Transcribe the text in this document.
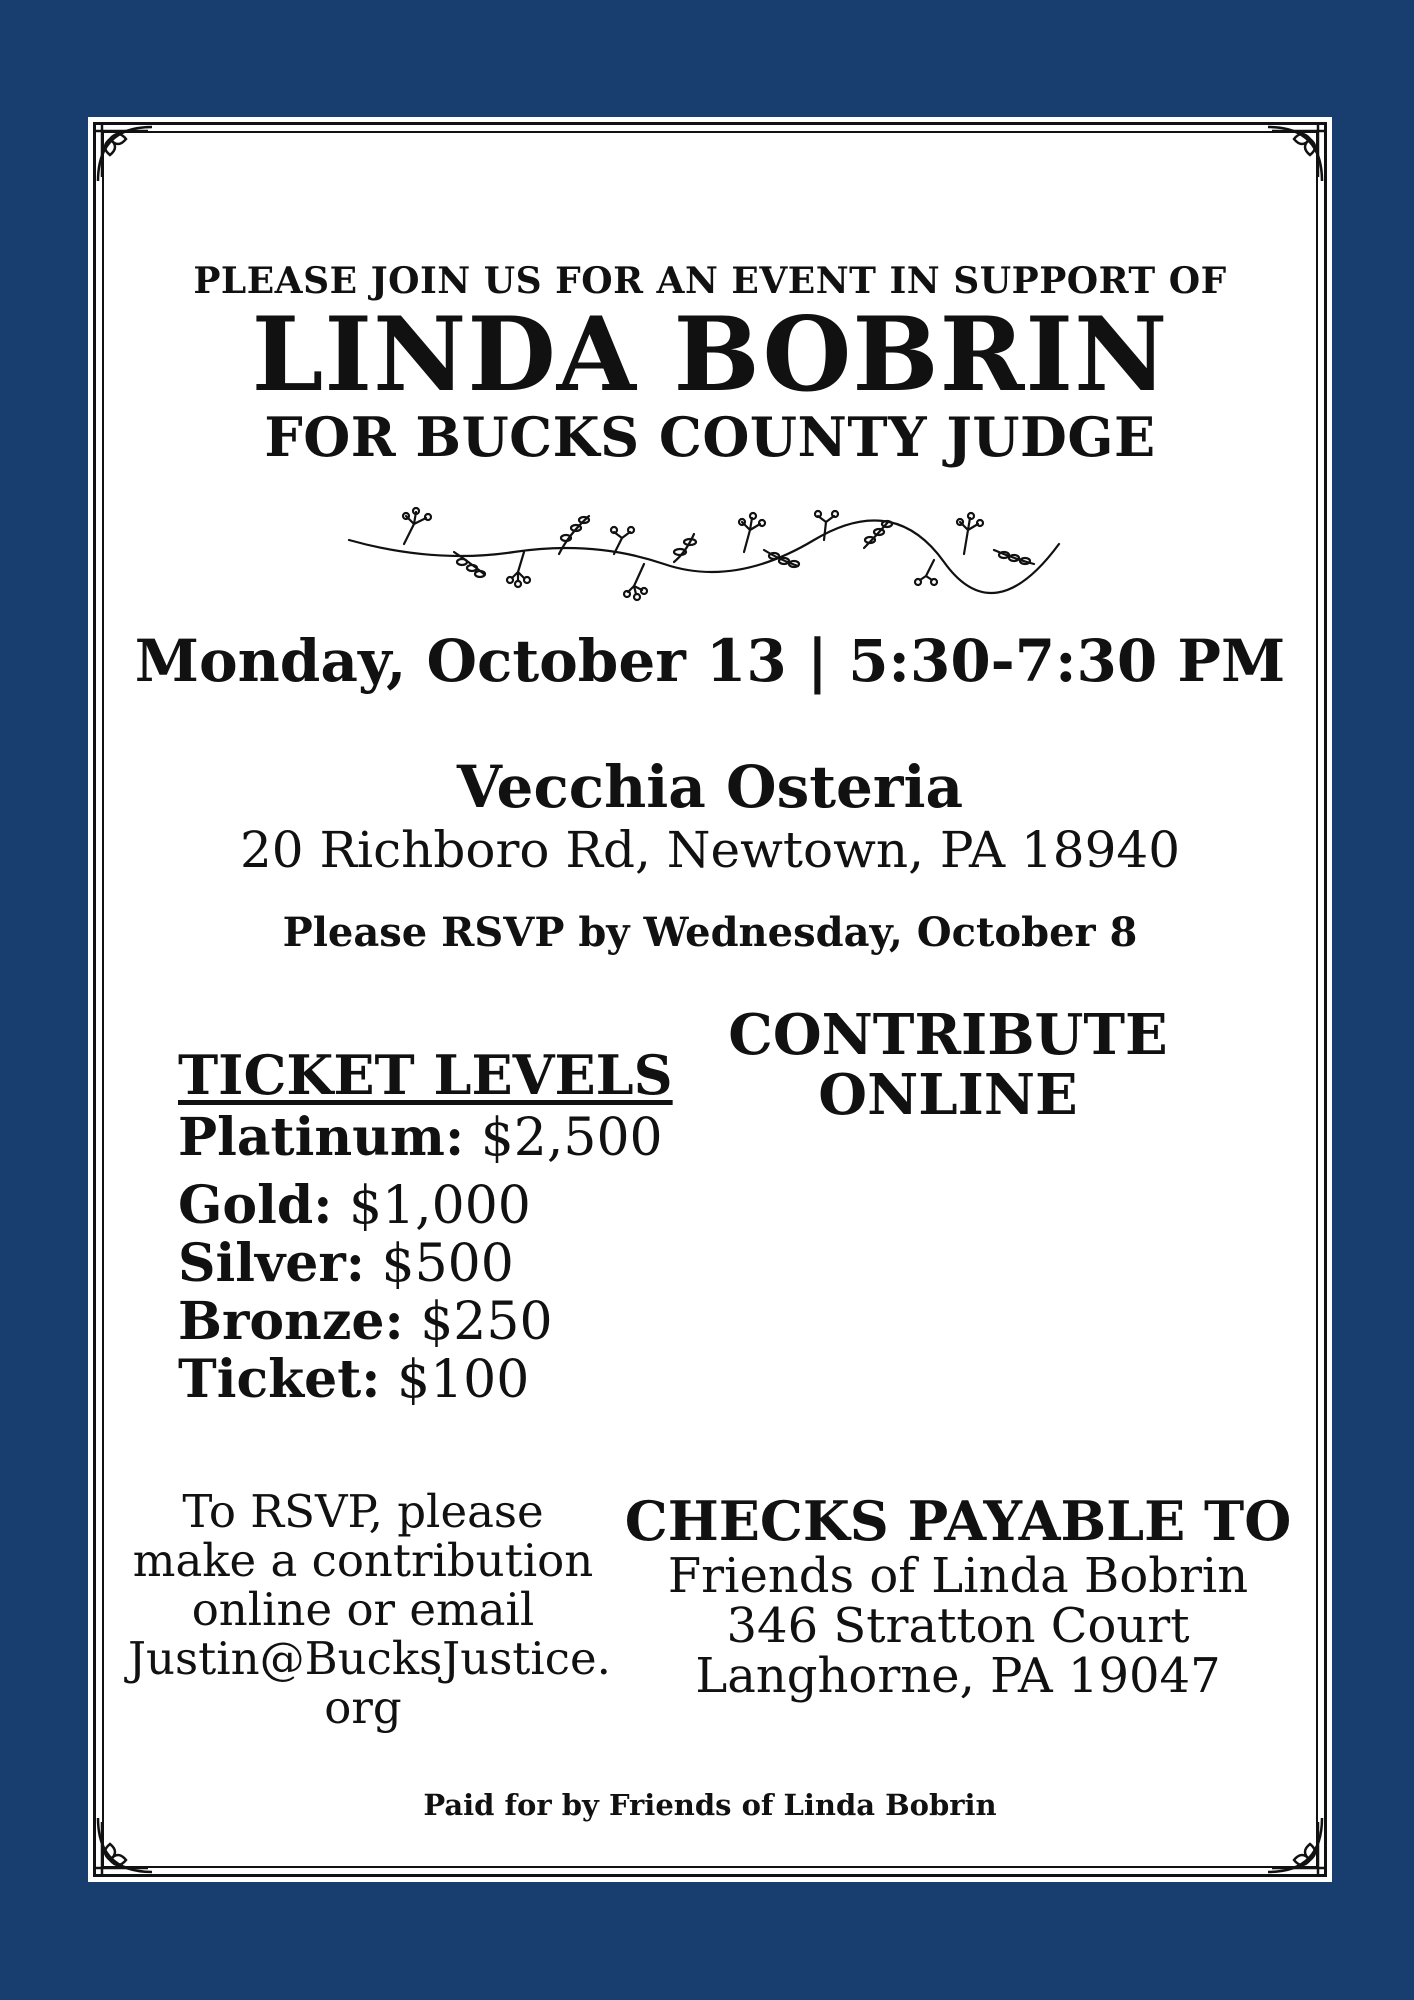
PLEASE JOIN US FOR AN EVENT IN SUPPORT OF
LINDA BOBRIN
FOR BUCKS COUNTY JUDGE
Monday, October 13 | 5:30-7:30 PM
Vecchia Osteria
20 Richboro Rd, Newtown, PA 18940
Please RSVP by Wednesday, October 8
TICKET LEVELS
Platinum: $2,500
Gold: $1,000
Silver: $500
Bronze: $250
Ticket: $100
CONTRIBUTE
ONLINE
To RSVP, please
make a contribution
online or email
Justin@BucksJustice.
org
CHECKS PAYABLE TO
Friends of Linda Bobrin
346 Stratton Court
Langhorne, PA 19047
Paid for by Friends of Linda Bobrin
